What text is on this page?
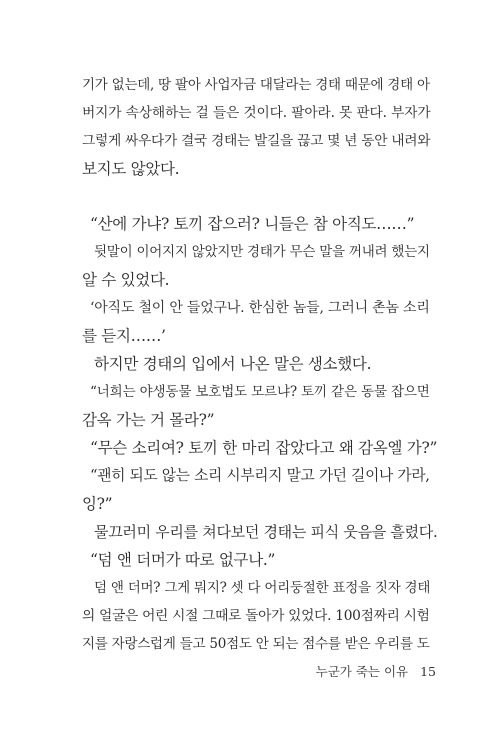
기가 없는데, 땅 팔아 사업자금 대달라는 경태 때문에 경태 아
버지가 속상해하는 걸 들은 것이다. 팔아라. 못 판다. 부자가
그렇게 싸우다가 결국 경태는 발길을 끊고 몇 년 동안 내려와
보지도 않았다.
“산에 가냐? 토끼 잡으러? 니들은 참 아직도……”
뒷말이 이어지지 않았지만 경태가 무슨 말을 꺼내려 했는지
알 수 있었다.
‘아직도 철이 안 들었구나. 한심한 놈들, 그러니 촌놈 소리
를 듣지……’
하지만 경태의 입에서 나온 말은 생소했다.
“너희는 야생동물 보호법도 모르냐? 토끼 같은 동물 잡으면
감옥 가는 거 몰라?”
“무슨 소리여? 토끼 한 마리 잡았다고 왜 감옥엘 가?”
“괜히 되도 않는 소리 시부리지 말고 가던 길이나 가라,
잉?”
물끄러미 우리를 쳐다보던 경태는 피식 웃음을 흘렸다.
“덤 앤 더머가 따로 없구나.”
덤 앤 더머? 그게 뭐지? 셋 다 어리둥절한 표정을 짓자 경태
의 얼굴은 어린 시절 그때로 돌아가 있었다. 100점짜리 시험
지를 자랑스럽게 들고 50점도 안 되는 점수를 받은 우리를 도
누군가 죽는 이유 15
